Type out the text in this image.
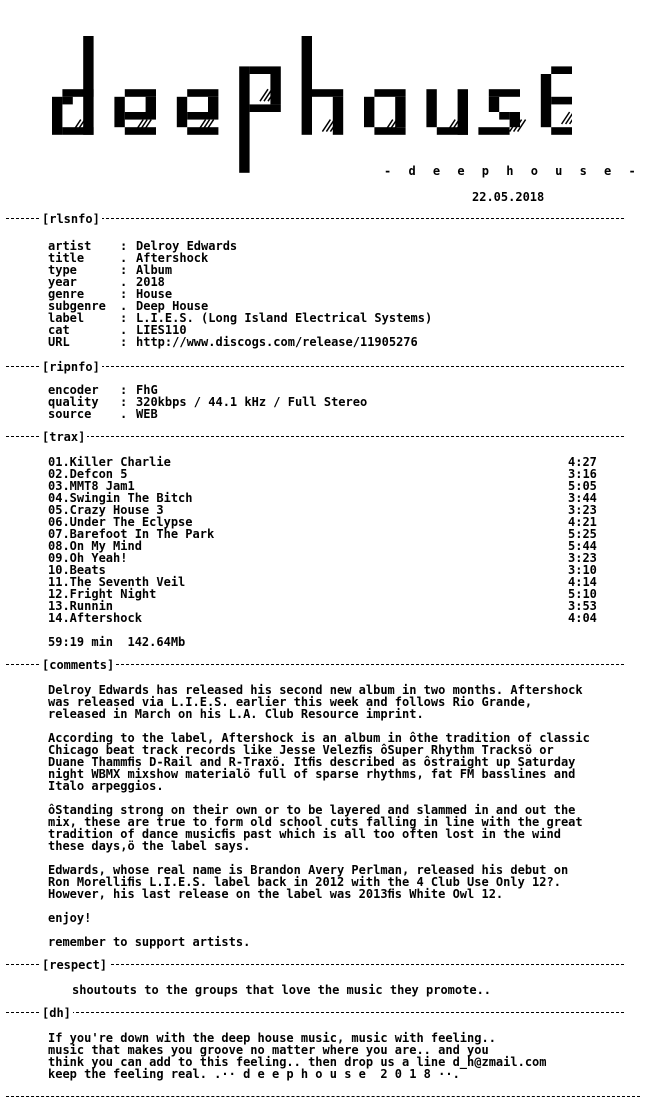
- d e e p h o u s e -
22.05.2018
[rlsnfo]
artist : Delroy Edwards
title	. Aftershock
type	: Album
year	. 2018
genre	: House
subgenre . Deep House
label	: L.I.E.S. (Long Island Electrical Systems)
cat	. LIES110
URL	: http://www.discogs.com/release/11905276
[ripnfo]
encoder : FhG
quality : 320kbps / 44.1 kHz / Full Stereo
source . WEB
[trax]
01.Killer Charlie	4:27
02.Defcon 5	3:16
03.MMT8 Jam1	5:05
04.Swingin The Bitch	3:44
05.Crazy House 3	3:23
06.Under The Eclypse	4:21
07.Barefoot In The Park	5:25
08.On My Mind	5:44
09.Oh Yeah!	3:23
10.Beats	3:10
11.The Seventh Veil	4:14
12.Fright Night	5:10
13.Runnin	3:53
14.Aftershock	4:04
59:19 min  142.64Mb
[comments]
Delroy Edwards has released his second new album in two months. Aftershock
was released via L.I.E.S. earlier this week and follows Rio Grande,
released in March on his L.A. Club Resource imprint.
According to the label, Aftershock is an album in ôthe tradition of classic
Chicago beat track records like Jesse Velezﬁs ôSuper Rhythm Tracksö or
Duane Thammﬁs D-Rail and R-Traxö. Itﬁs described as ôstraight up Saturday
night WBMX mixshow materialö full of sparse rhythms, fat FM basslines and
Italo arpeggios.
ôStanding strong on their own or to be layered and slammed in and out the
mix, these are true to form old school cuts falling in line with the great
tradition of dance musicﬁs past which is all too often lost in the wind
these days,ö the label says.
Edwards, whose real name is Brandon Avery Perlman, released his debut on
Ron Morelliﬁs L.I.E.S. label back in 2012 with the 4 Club Use Only 12?.
However, his last release on the label was 2013ﬁs White Owl 12.
enjoy!
remember to support artists.
[respect]
shoutouts to the groups that love the music they promote..
[dh]
If you're down with the deep house music, music with feeling..
music that makes you groove no matter where you are.. and you
think you can add to this feeling.. then drop us a line d_h@zmail.com
keep the feeling real. .·· d e e p h o u s e  2 0 1 8 ··.
